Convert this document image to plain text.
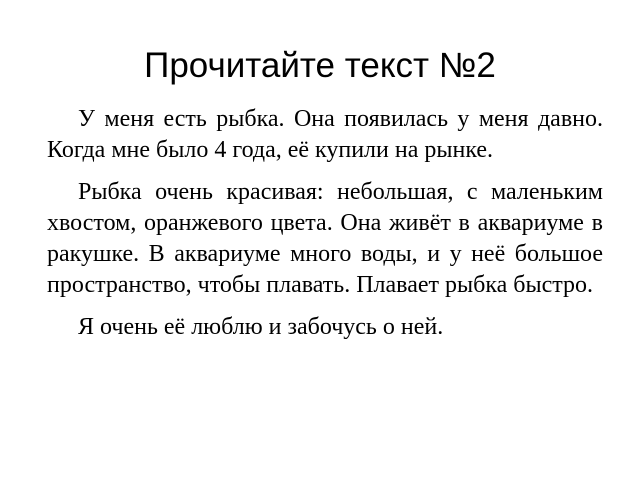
Прочитайте текст №2

У меня есть рыбка. Она появилась у меня давно. Когда мне было 4 года, её купили на рынке.

Рыбка очень красивая: небольшая, с маленьким хвостом, оранжевого цвета. Она живёт в аквариуме в ракушке. В аквариуме много воды, и у неё большое пространство, чтобы плавать. Плавает рыбка быстро.

Я очень её люблю и забочусь о ней.
